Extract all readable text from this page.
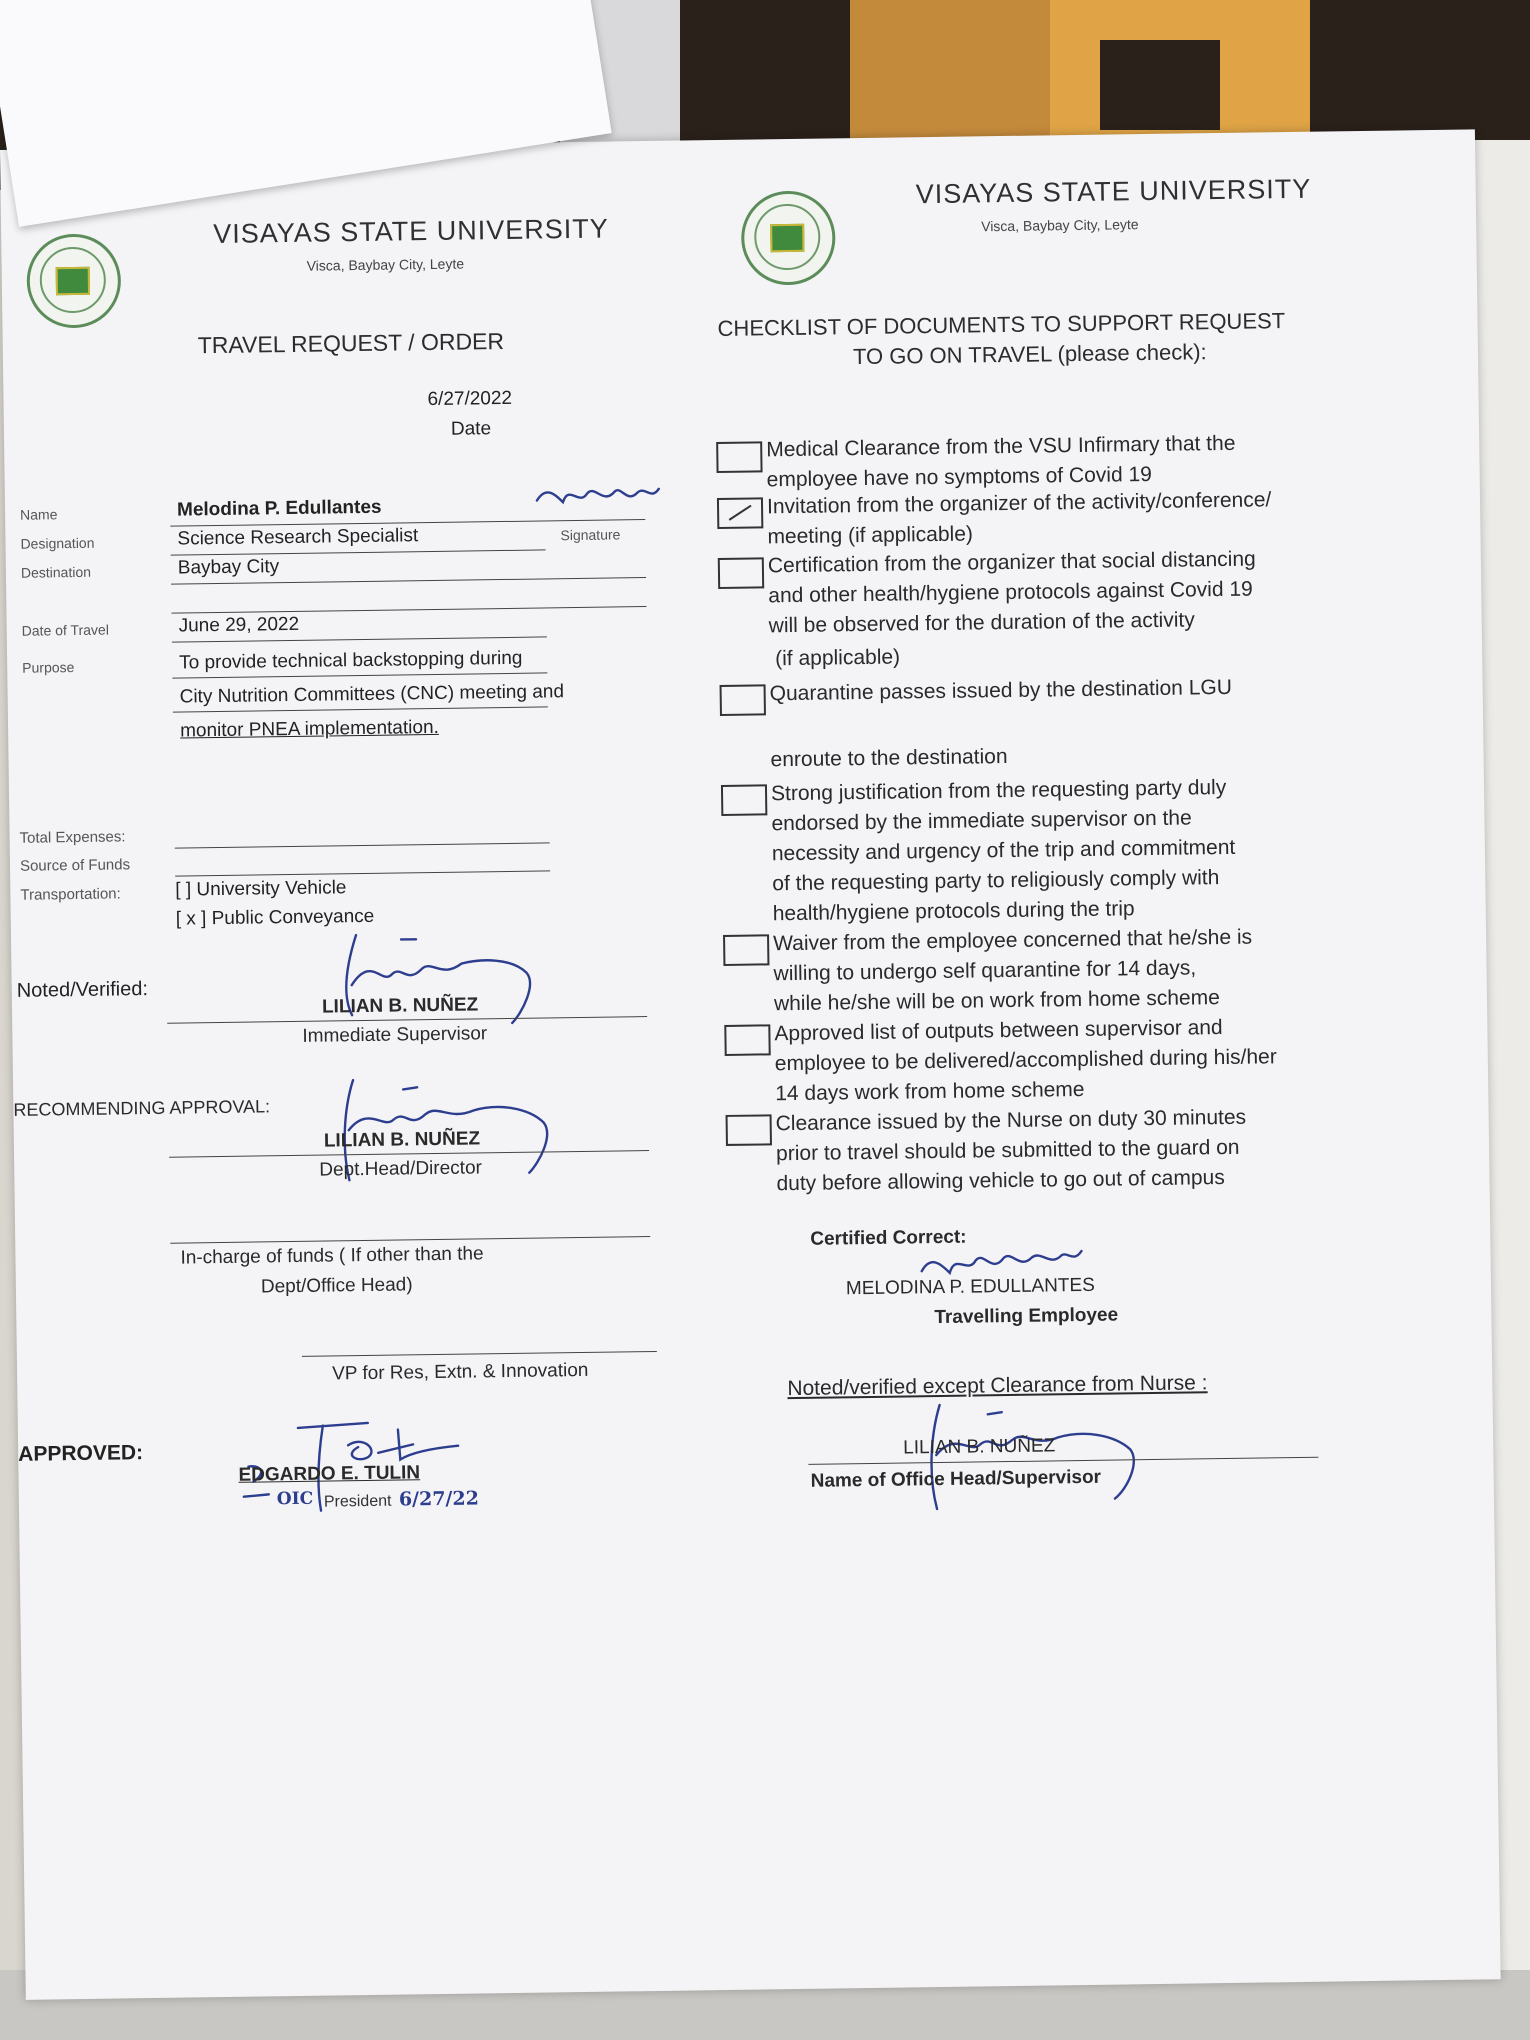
VISAYAS STATE UNIVERSITY
Visca, Baybay City, Leyte
TRAVEL REQUEST / ORDER
6/27/2022
Date
Name	Melodina P. Edullantes
Designation	Science Research Specialist	Signature
Destination	Baybay City
Date of Travel	June 29, 2022
Purpose	To provide technical backstopping during
City Nutrition Committees (CNC) meeting and
monitor PNEA implementation.
Total Expenses:
Source of Funds
Transportation:	[ ] University Vehicle
[ x ] Public Conveyance
Noted/Verified:
LILIAN B. NUÑEZ
Immediate Supervisor
RECOMMENDING APPROVAL:
LILIAN B. NUÑEZ
Dept.Head/Director
In-charge of funds ( If other than the
Dept/Office Head)
VP for Res, Extn. & Innovation
APPROVED:
EDGARDO E. TULIN
OIC President 6/27/22
VISAYAS STATE UNIVERSITY
Visca, Baybay City, Leyte
CHECKLIST OF DOCUMENTS TO SUPPORT REQUEST
TO GO ON TRAVEL (please check):
Medical Clearance from the VSU Infirmary that the
employee have no symptoms of Covid 19
Invitation from the organizer of the activity/conference/
meeting (if applicable)
Certification from the organizer that social distancing
and other health/hygiene protocols against Covid 19
will be observed for the duration of the activity
(if applicable)
Quarantine passes issued by the destination LGU
enroute to the destination
Strong justification from the requesting party duly
endorsed by the immediate supervisor on the
necessity and urgency of the trip and commitment
of the requesting party to religiously comply with
health/hygiene protocols during the trip
Waiver from the employee concerned that he/she is
willing to undergo self quarantine for 14 days,
while he/she will be on work from home scheme
Approved list of outputs between supervisor and
employee to be delivered/accomplished during his/her
14 days work from home scheme
Clearance issued by the Nurse on duty 30 minutes
prior to travel should be submitted to the guard on
duty before allowing vehicle to go out of campus
Certified Correct:
MELODINA P. EDULLANTES
Travelling Employee
Noted/verified except Clearance from Nurse :
LILIAN B. NUÑEZ
Name of Office Head/Supervisor
